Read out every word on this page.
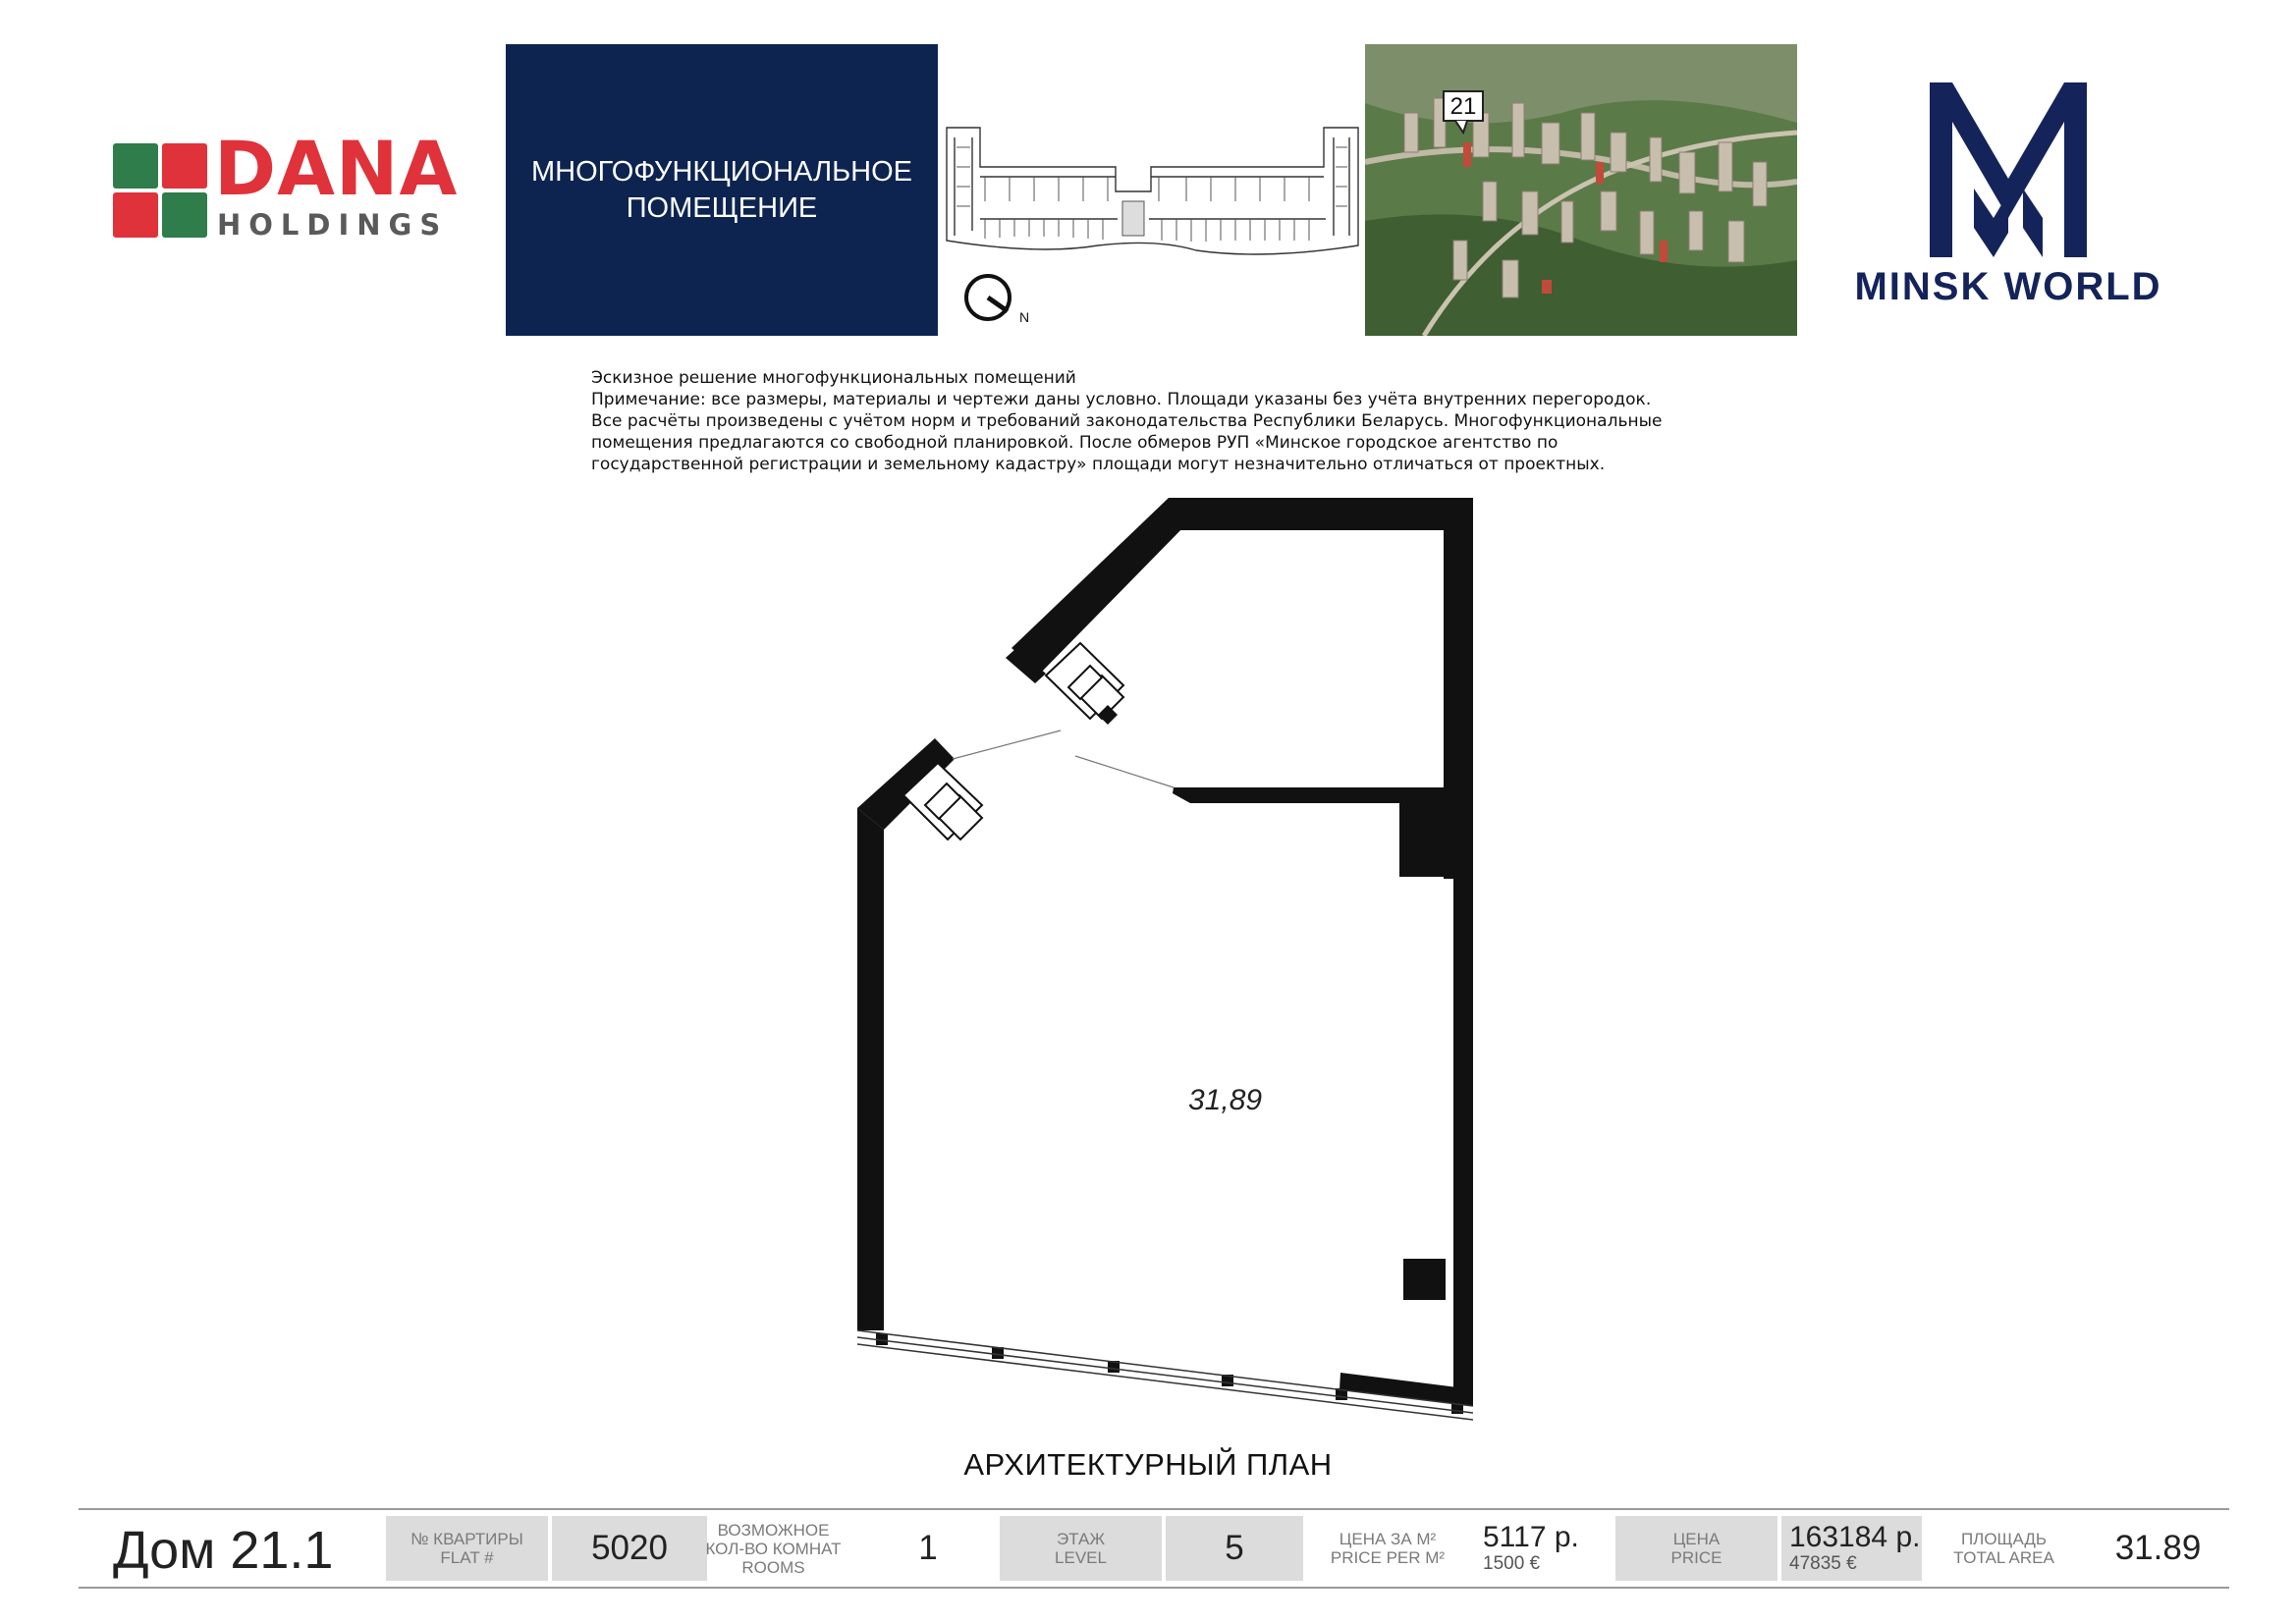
DANA
HOLDINGS
МНОГОФУНКЦИОНАЛЬНОЕ
ПОМЕЩЕНИЕ
N
21
MINSK WORLD
Эскизное решение многофункциональных помещений
Примечание: все размеры, материалы и чертежи даны условно. Площади указаны без учёта внутренних перегородок.
Все расчёты произведены с учётом норм и требований законодательства Республики Беларусь. Многофункциональные
помещения предлагаются со свободной планировкой. После обмеров РУП «Минское городское агентство по
государственной регистрации и земельному кадастру» площади могут незначительно отличаться от проектных.
31,89
АРХИТЕКТУРНЫЙ ПЛАН
Дом 21.1	№ КВАРТИРЫ
FLAT #	5020	ВОЗМОЖНОЕ
КОЛ-ВО КОМНАТ
ROOMS	1	ЭТАЖ
LEVEL	5	ЦЕНА ЗА М²
PRICE PER М²
5117 р.
1500 €
ЦЕНА
PRICE
163184 р.
47835 €
ПЛОЩАДЬ
TOTAL AREA 31.89
